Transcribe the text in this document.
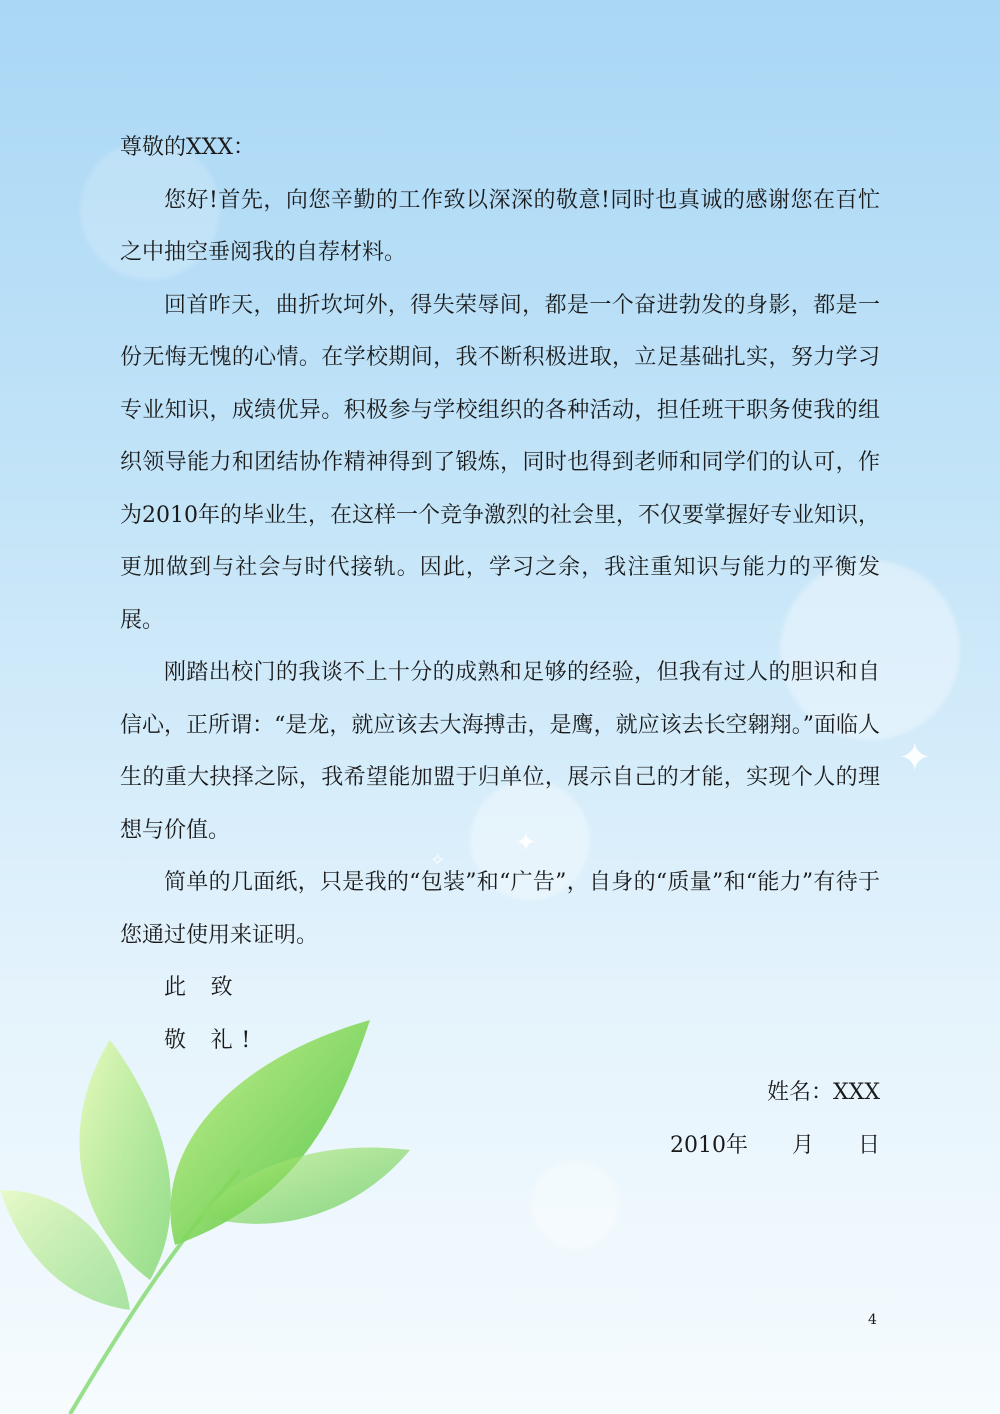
✦
✦
✧

尊敬的XXX：

您好!首先，向您辛勤的工作致以深深的敬意!同时也真诚的感谢您在百忙之中抽空垂阅我的自荐材料。

回首昨天，曲折坎坷外，得失荣辱间，都是一个奋进勃发的身影，都是一份无悔无愧的心情。在学校期间，我不断积极进取，立足基础扎实，努力学习专业知识，成绩优异。积极参与学校组织的各种活动，担任班干职务使我的组织领导能力和团结协作精神得到了锻炼，同时也得到老师和同学们的认可，作为2010年的毕业生，在这样一个竞争激烈的社会里，不仅要掌握好专业知识，更加做到与社会与时代接轨。因此，学习之余，我注重知识与能力的平衡发展。

刚踏出校门的我谈不上十分的成熟和足够的经验，但我有过人的胆识和自信心，正所谓：“是龙，就应该去大海搏击，是鹰，就应该去长空翱翔。”面临人生的重大抉择之际，我希望能加盟于归单位，展示自己的才能，实现个人的理想与价值。

简单的几面纸，只是我的“包装”和“广告”，自身的“质量”和“能力”有待于您通过使用来证明。

此 致

敬 礼!

姓名：XXX

2010年　　月　　日

4
